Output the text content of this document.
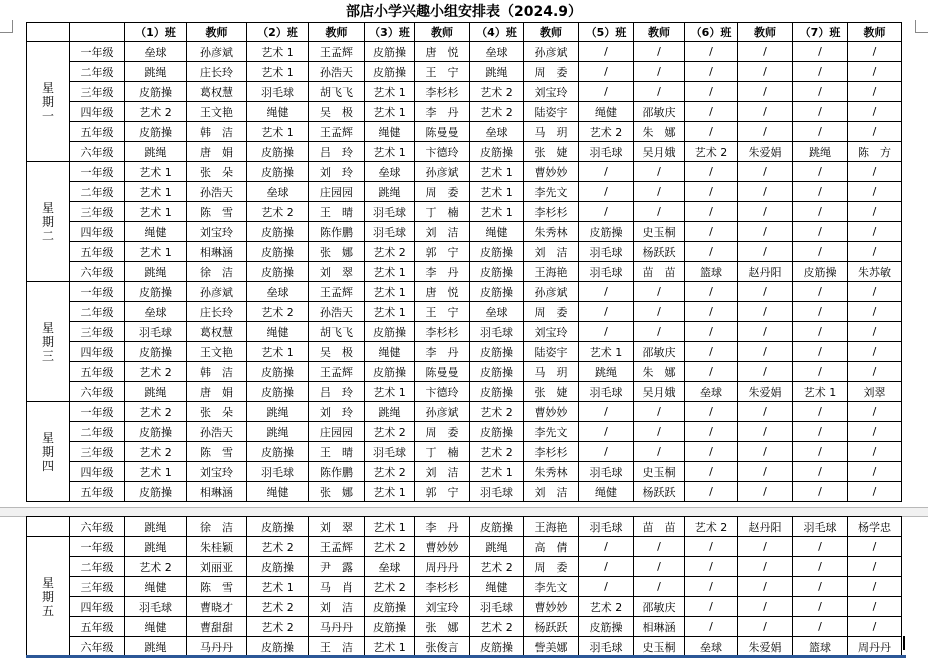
部店小学兴趣小组安排表（2024.9）
		（1）班	教师	（2）班	教师	（3）班	教师	（4）班	教师	（5）班	教师	（6）班	教师	（7）班	教师

星
期
一	一年级	垒球	孙彦斌	艺术 1	王孟辉	皮筋操	唐　悦	垒球	孙彦斌	/	/	/	/	/	/
	二年级	跳绳	庄长玲	艺术 1	孙浩天	皮筋操	王　宁	跳绳	周　委	/	/	/	/	/	/
	三年级	皮筋操	葛权慧	羽毛球	胡飞飞	艺术 1	李杉杉	艺术 2	刘宝玲	/	/	/	/	/	/
	四年级	艺术 2	王文艳	绳健	吴　极	艺术 1	李　丹	艺术 2	陆姿宇	绳健	邵敏庆	/	/	/	/
	五年级	皮筋操	韩　洁	艺术 1	王孟辉	绳健	陈曼曼	垒球	马　玥	艺术 2	朱　娜	/	/	/	/
	六年级	跳绳	唐　娟	皮筋操	吕　玲	艺术 1	卞德玲	皮筋操	张　婕	羽毛球	吴月娥	艺术 2	朱爱娟	跳绳	陈　方

星
期
二	一年级	艺术 1	张　朵	皮筋操	刘　玲	垒球	孙彦斌	艺术 1	曹妙妙	/	/	/	/	/	/
	二年级	艺术 1	孙浩天	垒球	庄园园	跳绳	周　委	艺术 1	李先文	/	/	/	/	/	/
	三年级	艺术 1	陈　雪	艺术 2	王　晴	羽毛球	丁　楠	艺术 1	李杉杉	/	/	/	/	/	/
	四年级	绳健	刘宝玲	皮筋操	陈作鹏	羽毛球	刘　洁	绳健	朱秀林	皮筋操	史玉桐	/	/	/	/
	五年级	艺术 1	相琳涵	皮筋操	张　娜	艺术 2	郭　宁	皮筋操	刘　洁	羽毛球	杨跃跃	/	/	/	/
	六年级	跳绳	徐　洁	皮筋操	刘　翠	艺术 1	李　丹	皮筋操	王海艳	羽毛球	苗　苗	篮球	赵丹阳	皮筋操	朱苏敏

星
期
三	一年级	皮筋操	孙彦斌	垒球	王孟辉	艺术 1	唐　悦	皮筋操	孙彦斌	/	/	/	/	/	/
	二年级	垒球	庄长玲	艺术 2	孙浩天	艺术 1	王　宁	垒球	周　委	/	/	/	/	/	/
	三年级	羽毛球	葛权慧	绳健	胡飞飞	皮筋操	李杉杉	羽毛球	刘宝玲	/	/	/	/	/	/
	四年级	皮筋操	王文艳	艺术 1	吴　极	绳健	李　丹	皮筋操	陆姿宇	艺术 1	邵敏庆	/	/	/	/
	五年级	艺术 2	韩　洁	皮筋操	王孟辉	皮筋操	陈曼曼	皮筋操	马　玥	跳绳	朱　娜	/	/	/	/
	六年级	跳绳	唐　娟	皮筋操	吕　玲	艺术 1	卞德玲	皮筋操	张　婕	羽毛球	吴月娥	垒球	朱爱娟	艺术 1	刘翠

星
期
四	一年级	艺术 2	张　朵	跳绳	刘　玲	跳绳	孙彦斌	艺术 2	曹妙妙	/	/	/	/	/	/
	二年级	皮筋操	孙浩天	跳绳	庄园园	艺术 2	周　委	皮筋操	李先文	/	/	/	/	/	/
	三年级	艺术 2	陈　雪	皮筋操	王　晴	羽毛球	丁　楠	艺术 2	李杉杉	/	/	/	/	/	/
	四年级	艺术 1	刘宝玲	羽毛球	陈作鹏	艺术 2	刘　洁	艺术 1	朱秀林	羽毛球	史玉桐	/	/	/	/
	五年级	皮筋操	相琳涵	绳健	张　娜	艺术 1	郭　宁	羽毛球	刘　洁	绳健	杨跃跃	/	/	/	/
	六年级	跳绳	徐　洁	皮筋操	刘　翠	艺术 1	李　丹	皮筋操	王海艳	羽毛球	苗　苗	艺术 2	赵丹阳	羽毛球	杨学忠

星
期
五	一年级	跳绳	朱桂颖	艺术 2	王孟辉	艺术 2	曹妙妙	跳绳	高　倩	/	/	/	/	/	/
	二年级	艺术 2	刘丽亚	皮筋操	尹　露	垒球	周丹丹	艺术 2	周　委	/	/	/	/	/	/
	三年级	绳健	陈　雪	艺术 1	马　肖	艺术 2	李杉杉	绳健	李先文	/	/	/	/	/	/
	四年级	羽毛球	曹晓才	艺术 2	刘　洁	皮筋操	刘宝玲	羽毛球	曹妙妙	艺术 2	邵敏庆	/	/	/	/
	五年级	绳健	曹甜甜	艺术 2	马丹丹	皮筋操	张　娜	艺术 2	杨跃跃	皮筋操	相琳涵	/	/	/	/
	六年级	跳绳	马丹丹	皮筋操	王　洁	艺术 1	张俊言	皮筋操	訾美娜	羽毛球	史玉桐	垒球	朱爱娟	篮球	周丹丹
